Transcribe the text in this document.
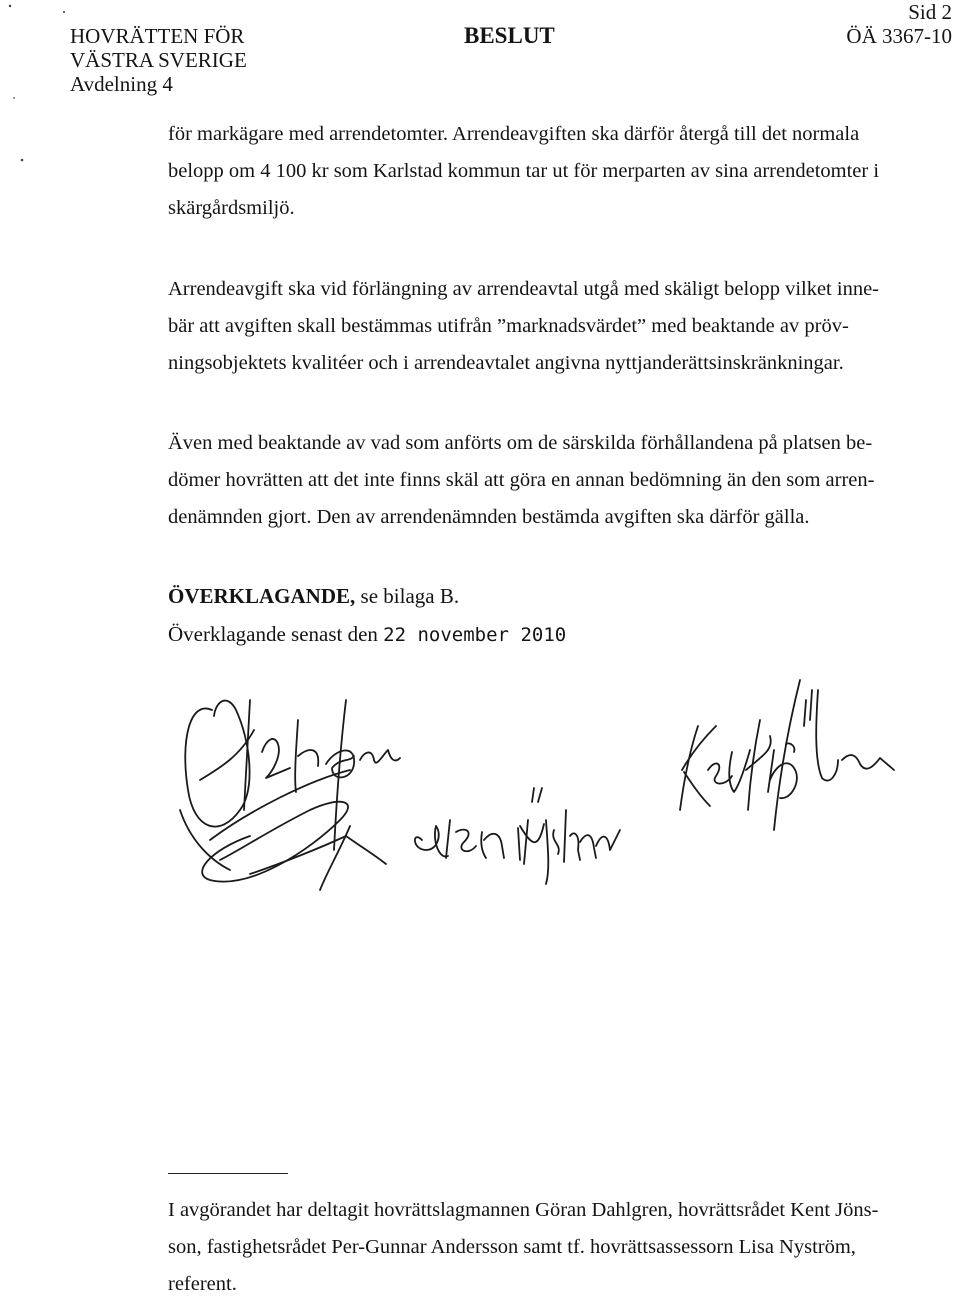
HOVRÄTTEN FÖR
VÄSTRA SVERIGE
Avdelning 4
BESLUT
Sid 2
ÖÄ 3367-10
för markägare med arrendetomter. Arrendeavgiften ska därför återgå till det normala
belopp om 4 100 kr som Karlstad kommun tar ut för merparten av sina arrendetomter i
skärgårdsmiljö.
Arrendeavgift ska vid förlängning av arrendeavtal utgå med skäligt belopp vilket inne-
bär att avgiften skall bestämmas utifrån ”marknadsvärdet” med beaktande av pröv-
ningsobjektets kvalitéer och i arrendeavtalet angivna nyttjanderättsinskränkningar.
Även med beaktande av vad som anförts om de särskilda förhållandena på platsen be-
dömer hovrätten att det inte finns skäl att göra en annan bedömning än den som arren-
denämnden gjort. Den av arrendenämnden bestämda avgiften ska därför gälla.
ÖVERKLAGANDE, se bilaga B.
Överklagande senast den 22 november 2010
I avgörandet har deltagit hovrättslagmannen Göran Dahlgren, hovrättsrådet Kent Jöns-
son, fastighetsrådet Per-Gunnar Andersson samt tf. hovrättsassessorn Lisa Nyström,
referent.
